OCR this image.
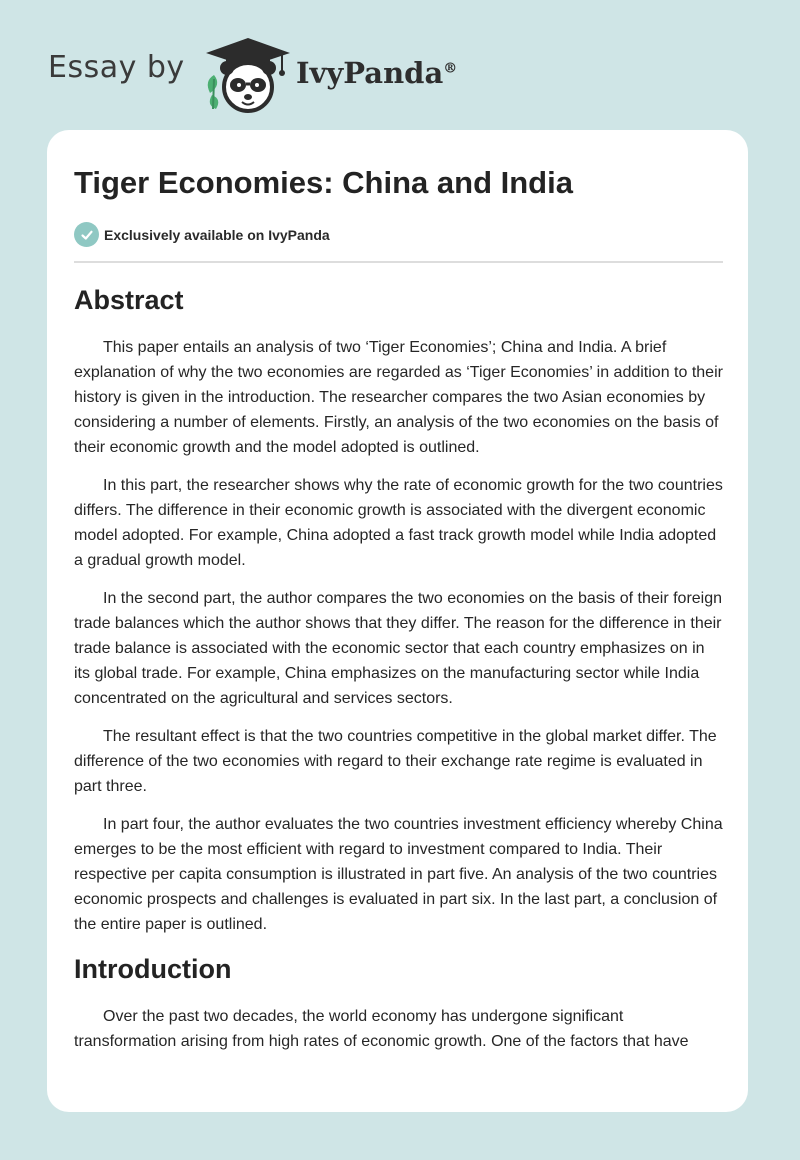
Essay by	IvyPanda®
Tiger Economies: China and India
Exclusively available on IvyPanda
Abstract

This paper entails an analysis of two ‘Tiger Economies’; China and India. A brief explanation of why the two economies are regarded as ‘Tiger Economies’ in addition to their history is given in the introduction. The researcher compares the two Asian economies by considering a number of elements. Firstly, an analysis of the two economies on the basis of their economic growth and the model adopted is outlined.

In this part, the researcher shows why the rate of economic growth for the two countries differs. The difference in their economic growth is associated with the divergent economic model adopted. For example, China adopted a fast track growth model while India adopted a gradual growth model.

In the second part, the author compares the two economies on the basis of their foreign trade balances which the author shows that they differ. The reason for the difference in their trade balance is associated with the economic sector that each country emphasizes on in its global trade. For example, China emphasizes on the manufacturing sector while India concentrated on the agricultural and services sectors.

The resultant effect is that the two countries competitive in the global market differ. The difference of the two economies with regard to their exchange rate regime is evaluated in part three.

In part four, the author evaluates the two countries investment efficiency whereby China emerges to be the most efficient with regard to investment compared to India. Their respective per capita consumption is illustrated in part five. An analysis of the two countries economic prospects and challenges is evaluated in part six. In the last part, a conclusion of the entire paper is outlined.

Introduction

Over the past two decades, the world economy has undergone significant transformation arising from high rates of economic growth. One of the factors that have
